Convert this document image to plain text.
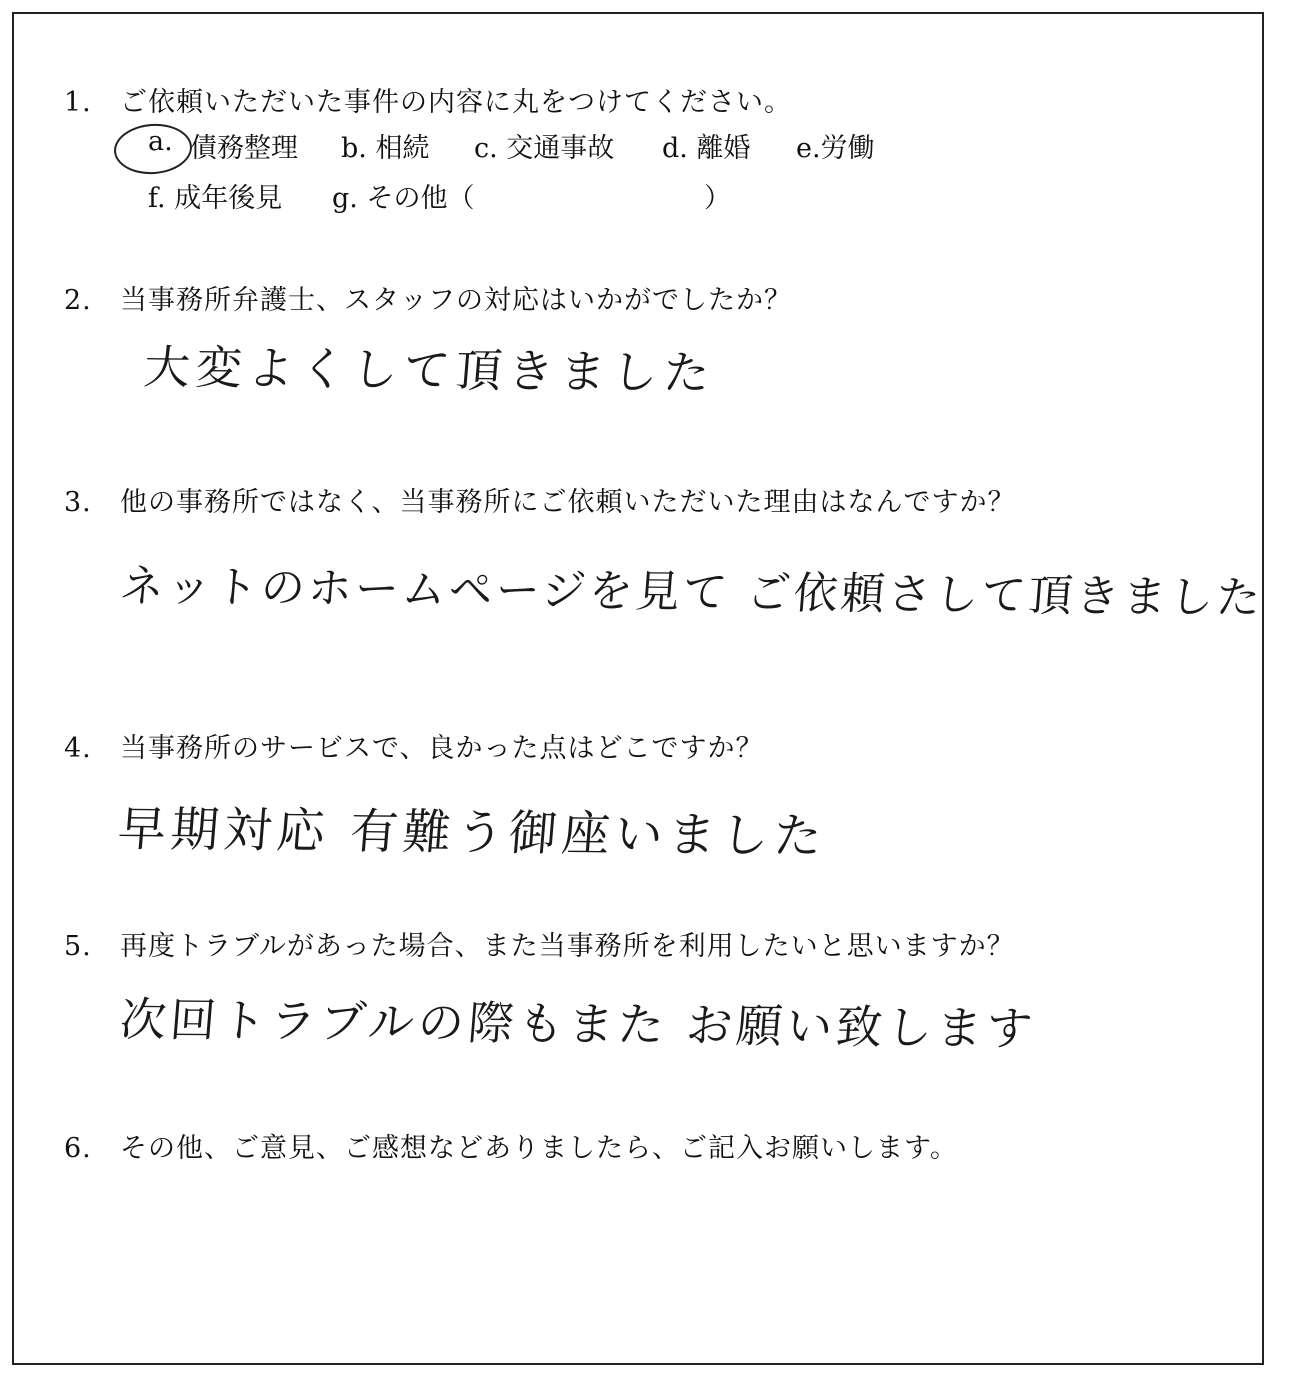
1. ご依頼いただいた事件の内容に丸をつけてください。
a. 債務整理 b. 相続 c. 交通事故 d. 離婚 e.労働
f. 成年後見 g. その他（	）
2. 当事務所弁護士、スタッフの対応はいかがでしたか？
大変よくして頂きました
3. 他の事務所ではなく、当事務所にご依頼いただいた理由はなんですか？
ネットのホームページを見て ご依頼さして頂きました
4. 当事務所のサービスで、良かった点はどこですか？
早期対応 有難う御座いました
5. 再度トラブルがあった場合、また当事務所を利用したいと思いますか？
次回トラブルの際もまた お願い致します
6. その他、ご意見、ご感想などありましたら、ご記入お願いします。
